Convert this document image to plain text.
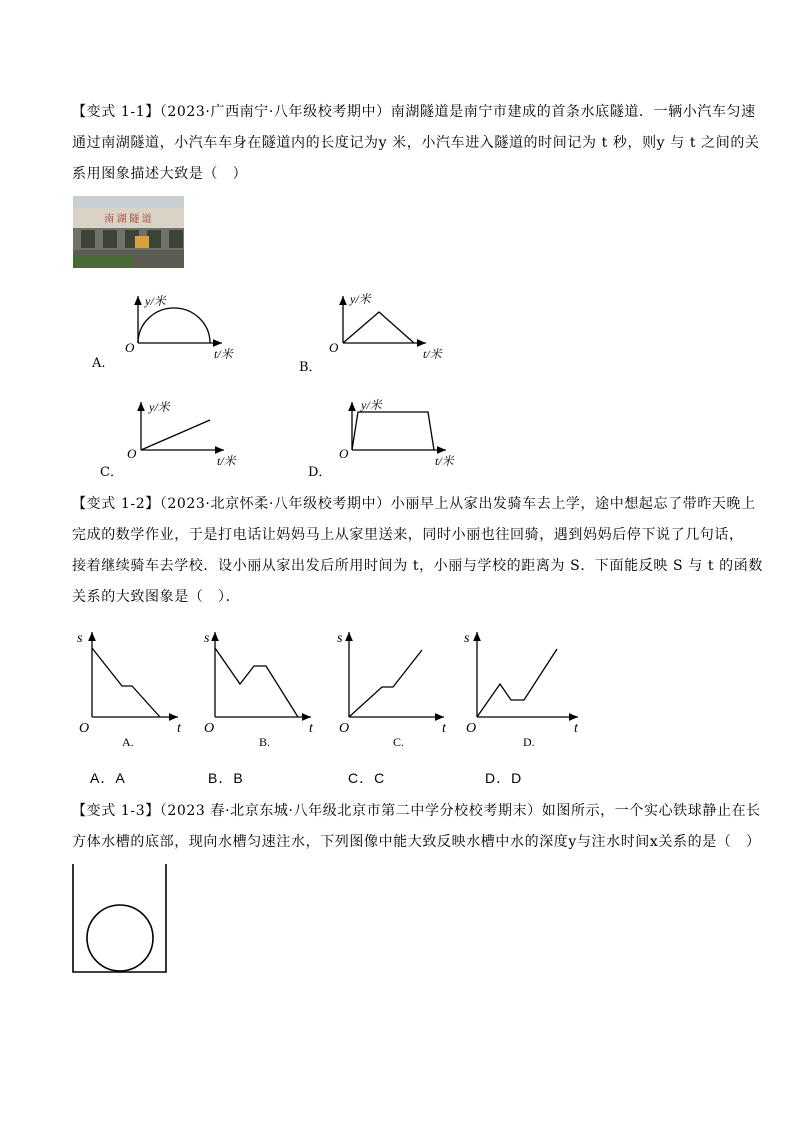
【变式 1-1】（2023·广西南宁·八年级校考期中）南湖隧道是南宁市建成的首条水底隧道．一辆小汽车匀速
通过南湖隧道，小汽车车身在隧道内的长度记为y 米，小汽车进入隧道的时间记为 t 秒，则y 与 t 之间的关
系用图象描述大致是（　）
南 湖 隧 道
y/米
t/米
O
y/米
t/米
O
y/米
t/米
O
y/米
t/米
O
A.	B．
C．	D．
【变式 1-2】（2023·北京怀柔·八年级校考期中）小丽早上从家出发骑车去上学，途中想起忘了带昨天晚上
完成的数学作业，于是打电话让妈妈马上从家里送来，同时小丽也往回骑，遇到妈妈后停下说了几句话，
接着继续骑车去学校．设小丽从家出发后所用时间为 t，小丽与学校的距离为 S．下面能反映 S 与 t 的函数
关系的大致图象是（　）．
s
t
O
s
t
O
s
t
O
s
t
O
A.	B.	C.	D.
A．A	B．B	C．C	D．D
【变式 1-3】（2023 春·北京东城·八年级北京市第二中学分校校考期末）如图所示，一个实心铁球静止在长
方体水槽的底部，现向水槽匀速注水，下列图像中能大致反映水槽中水的深度y与注水时间x关系的是（　）
